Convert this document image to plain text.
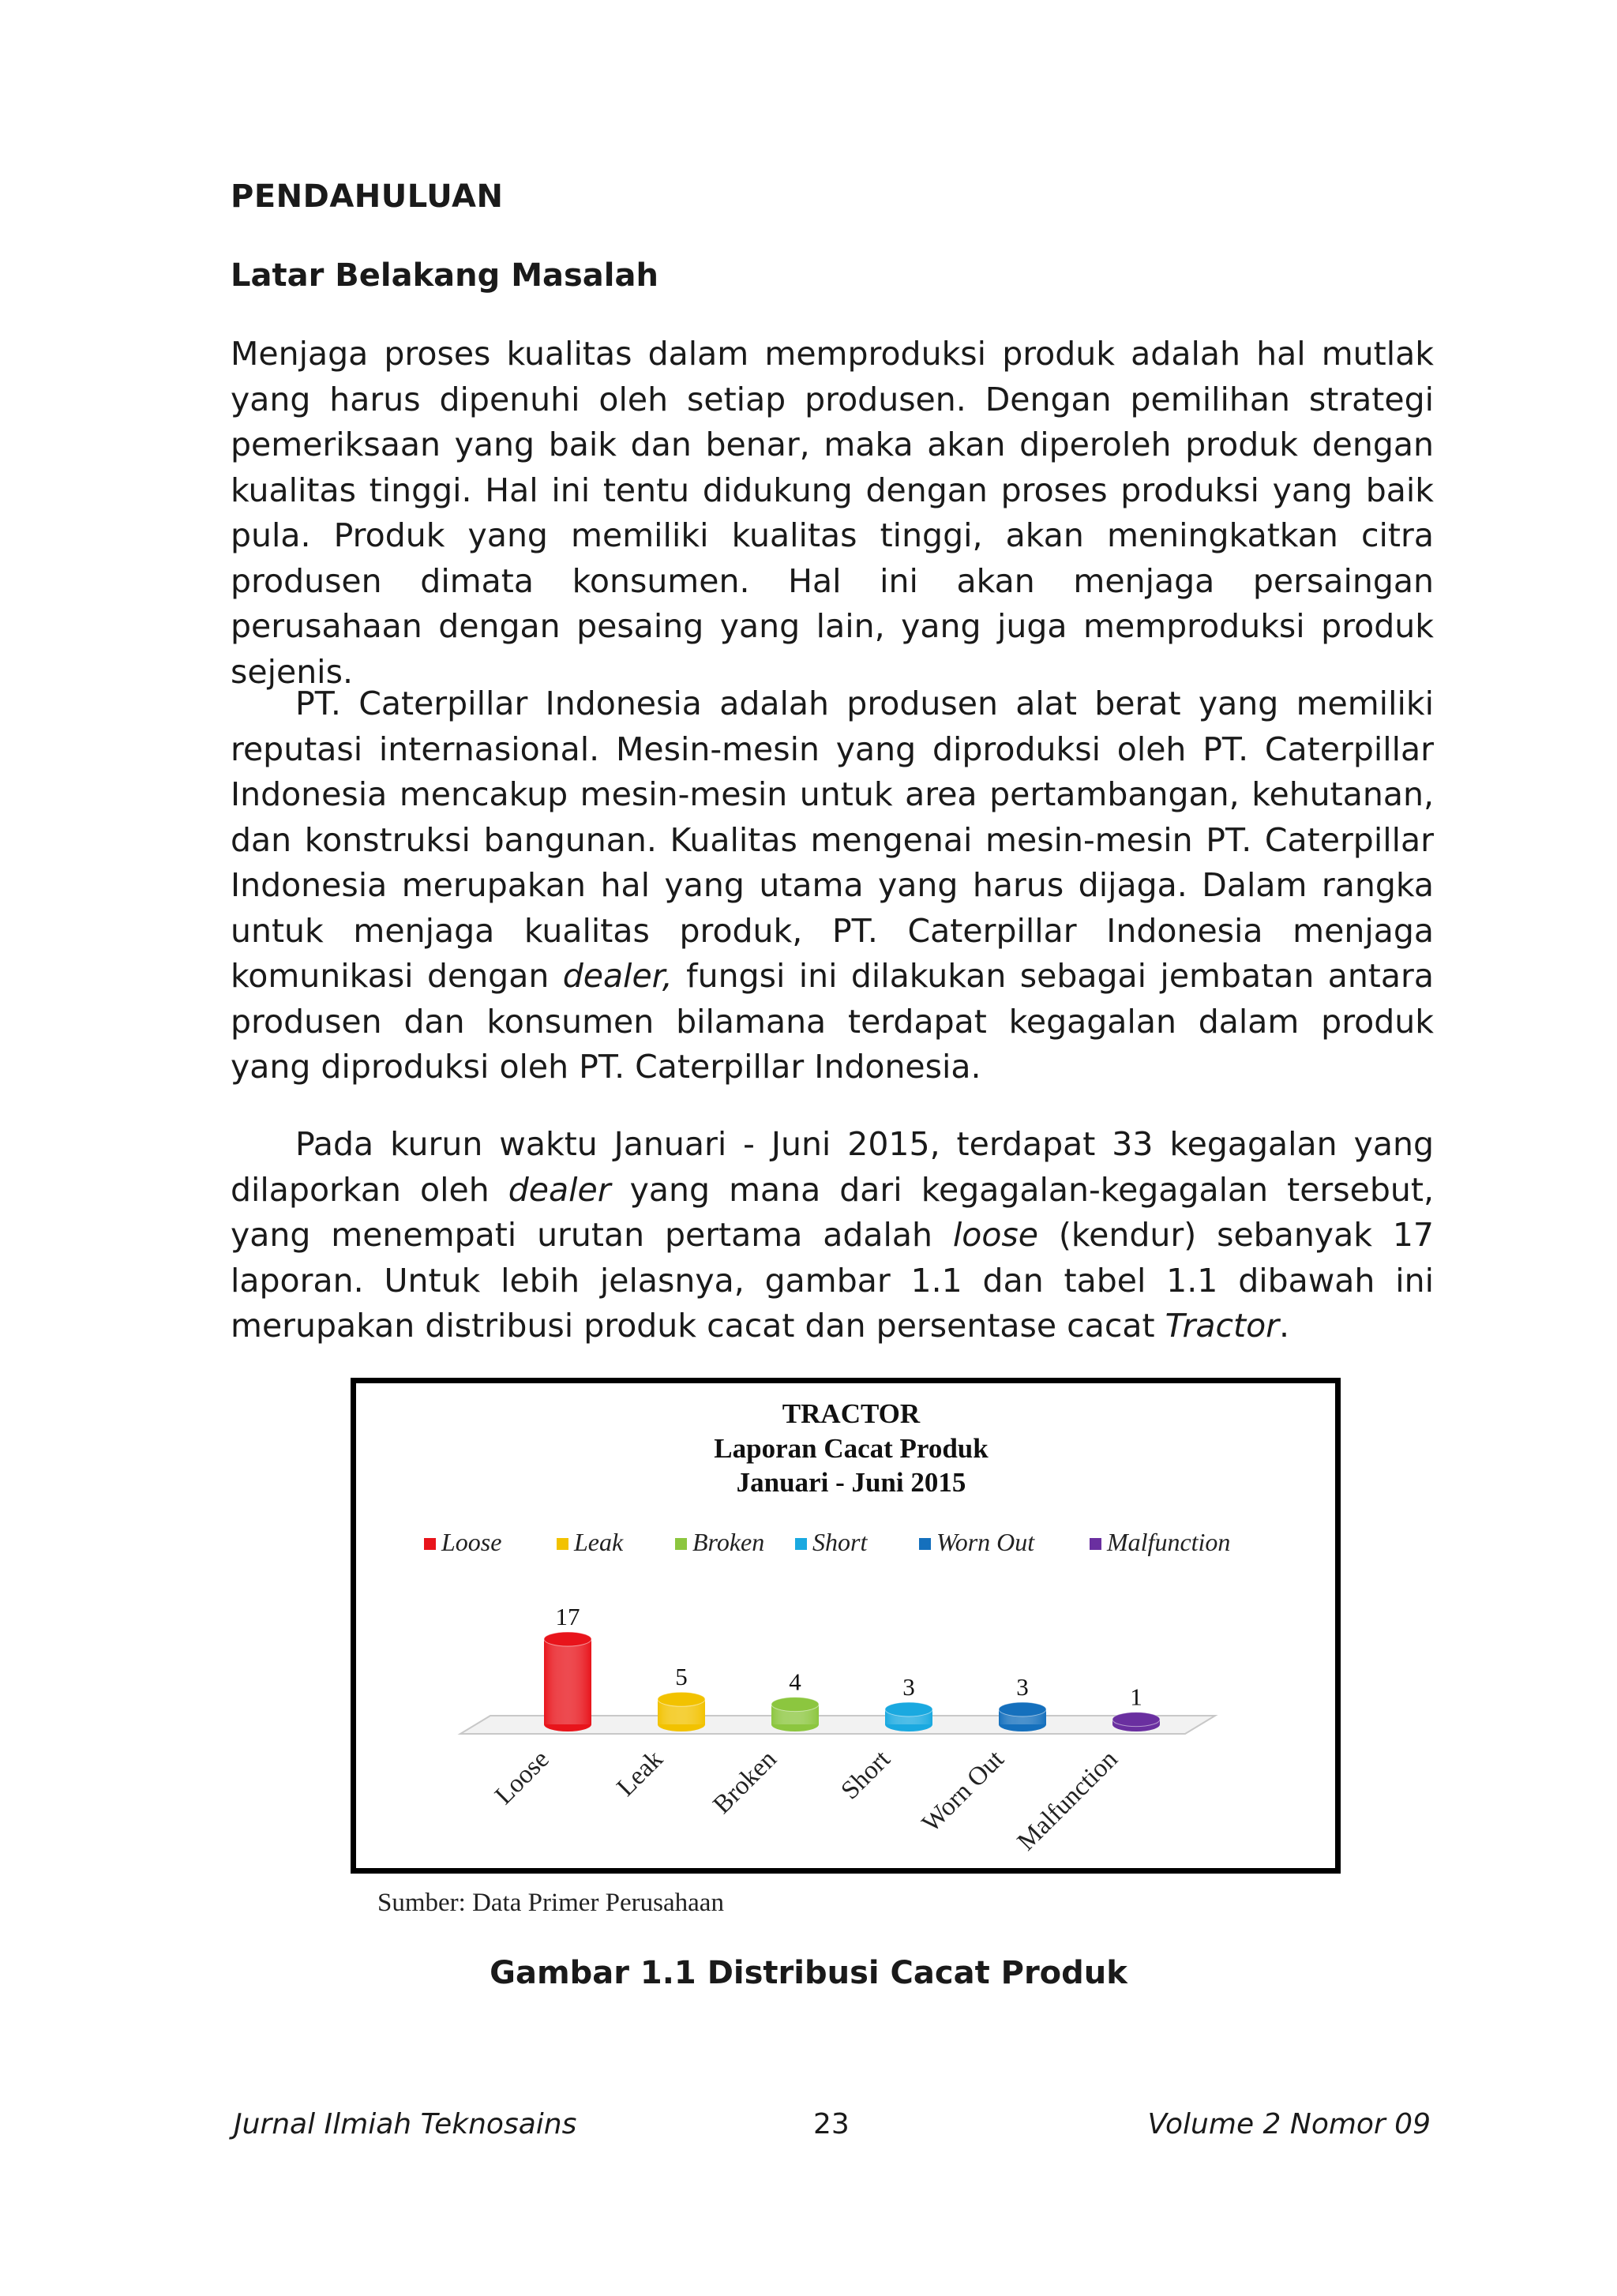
PENDAHULUAN
Latar Belakang Masalah

Menjaga proses kualitas dalam memproduksi produk adalah hal mutlak yang harus dipenuhi oleh setiap produsen. Dengan pemilihan strategi pemeriksaan yang baik dan benar, maka akan diperoleh produk dengan kualitas tinggi. Hal ini tentu didukung dengan proses produksi yang baik pula. Produk yang memiliki kualitas tinggi, akan meningkatkan citra produsen dimata konsumen. Hal ini akan menjaga persaingan perusahaan dengan pesaing yang lain, yang juga memproduksi produk sejenis.

PT. Caterpillar Indonesia adalah produsen alat berat yang memiliki reputasi internasional. Mesin-mesin yang diproduksi oleh PT. Caterpillar Indonesia mencakup mesin-mesin untuk area pertambangan, kehutanan, dan konstruksi bangunan. Kualitas mengenai mesin-mesin PT. Caterpillar Indonesia merupakan hal yang utama yang harus dijaga. Dalam rangka untuk menjaga kualitas produk, PT. Caterpillar Indonesia menjaga komunikasi dengan dealer, fungsi ini dilakukan sebagai jembatan antara produsen dan konsumen bilamana terdapat kegagalan dalam produk yang diproduksi oleh PT. Caterpillar Indonesia.

Pada kurun waktu Januari - Juni 2015, terdapat 33 kegagalan yang dilaporkan oleh dealer yang mana dari kegagalan-kegagalan tersebut, yang menempati urutan pertama adalah loose (kendur) sebanyak 17 laporan. Untuk lebih jelasnya, gambar 1.1 dan tabel 1.1 dibawah ini merupakan distribusi produk cacat dan persentase cacat Tractor.

TRACTOR
Laporan Cacat Produk
Januari - Juni 2015
Loose	Leak	Broken Short	Worn Out	Malfunction
17
5	4	3	3	1
Loose Leak Broken Short Worn Out Malfunction

Sumber: Data Primer Perusahaan

Gambar 1.1 Distribusi Cacat Produk

Jurnal Ilmiah Teknosains	23	Volume 2 Nomor 09
